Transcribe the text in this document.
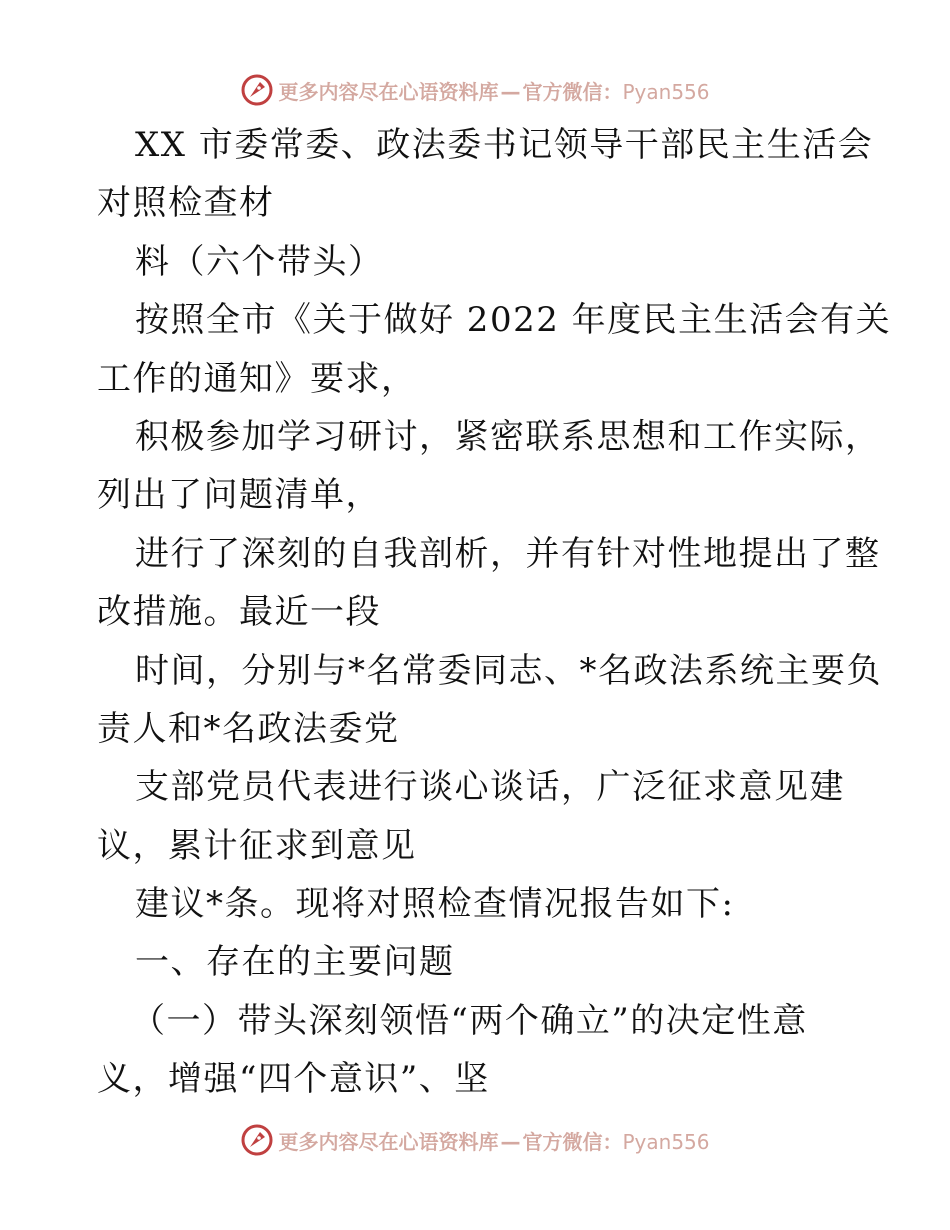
更多内容尽在心语资料库 — 官方微信：Pyan556
XX 市委常委、政法委书记领导干部民主生活会
对照检查材
料（六个带头）
按照全市《关于做好 2022 年度民主生活会有关
工作的通知》要求，
积极参加学习研讨，紧密联系思想和工作实际，
列出了问题清单，
进行了深刻的自我剖析，并有针对性地提出了整
改措施。最近一段
时间，分别与*名常委同志、*名政法系统主要负
责人和*名政法委党
支部党员代表进行谈心谈话，广泛征求意见建
议，累计征求到意见
建议*条。现将对照检查情况报告如下:
一、存在的主要问题
（一）带头深刻领悟“两个确立”的决定性意
义，增强“四个意识”、坚
更多内容尽在心语资料库 — 官方微信：Pyan556
